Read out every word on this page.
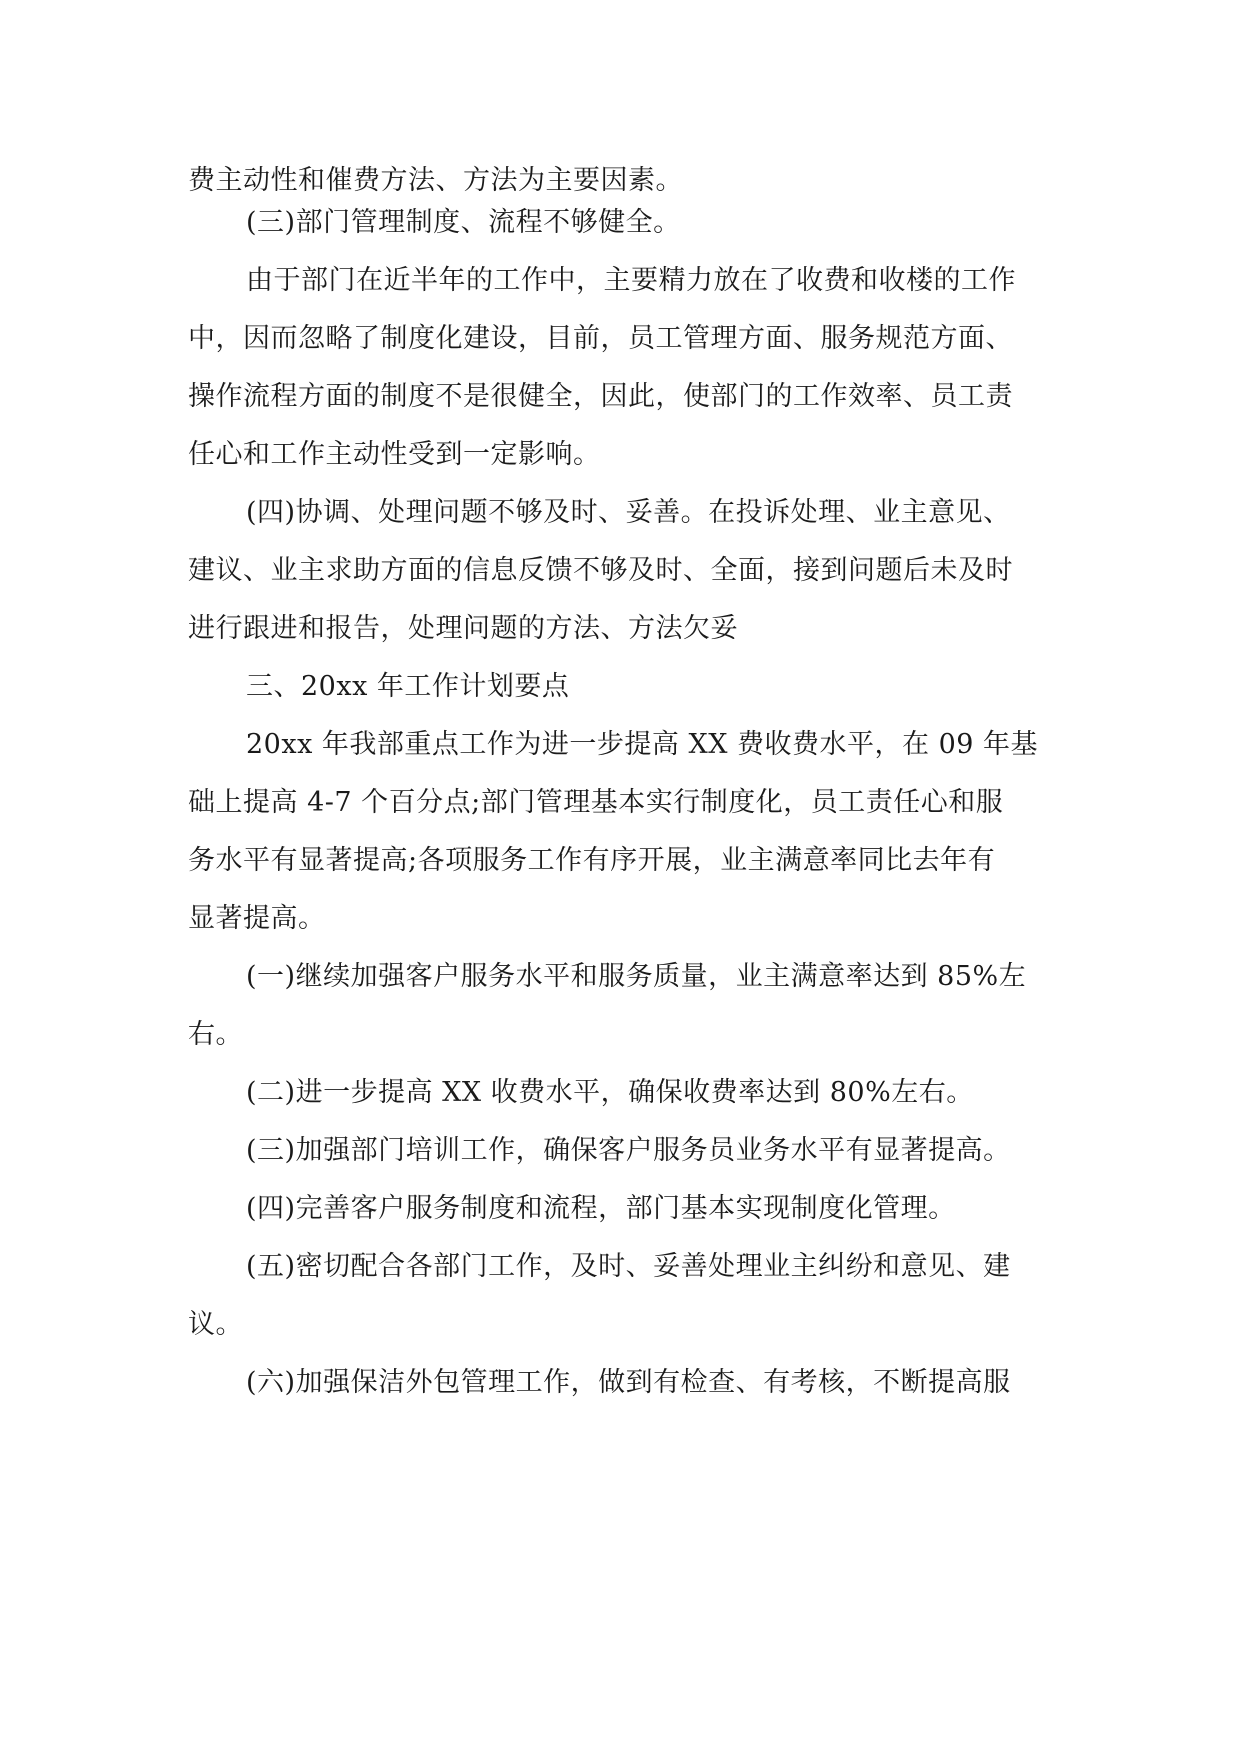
费主动性和催费方法、方法为主要因素。
(三)部门管理制度、流程不够健全。
由于部门在近半年的工作中，主要精力放在了收费和收楼的工作
中，因而忽略了制度化建设，目前，员工管理方面、服务规范方面、
操作流程方面的制度不是很健全，因此，使部门的工作效率、员工责
任心和工作主动性受到一定影响。
(四)协调、处理问题不够及时、妥善。在投诉处理、业主意见、
建议、业主求助方面的信息反馈不够及时、全面，接到问题后未及时
进行跟进和报告，处理问题的方法、方法欠妥
三、20xx 年工作计划要点
20xx 年我部重点工作为进一步提高 XX 费收费水平，在 09 年基
础上提高 4-7 个百分点;部门管理基本实行制度化，员工责任心和服
务水平有显著提高;各项服务工作有序开展，业主满意率同比去年有
显著提高。
(一)继续加强客户服务水平和服务质量，业主满意率达到 85%左
右。
(二)进一步提高 XX 收费水平，确保收费率达到 80%左右。
(三)加强部门培训工作，确保客户服务员业务水平有显著提高。
(四)完善客户服务制度和流程，部门基本实现制度化管理。
(五)密切配合各部门工作，及时、妥善处理业主纠纷和意见、建
议。
(六)加强保洁外包管理工作，做到有检查、有考核，不断提高服
